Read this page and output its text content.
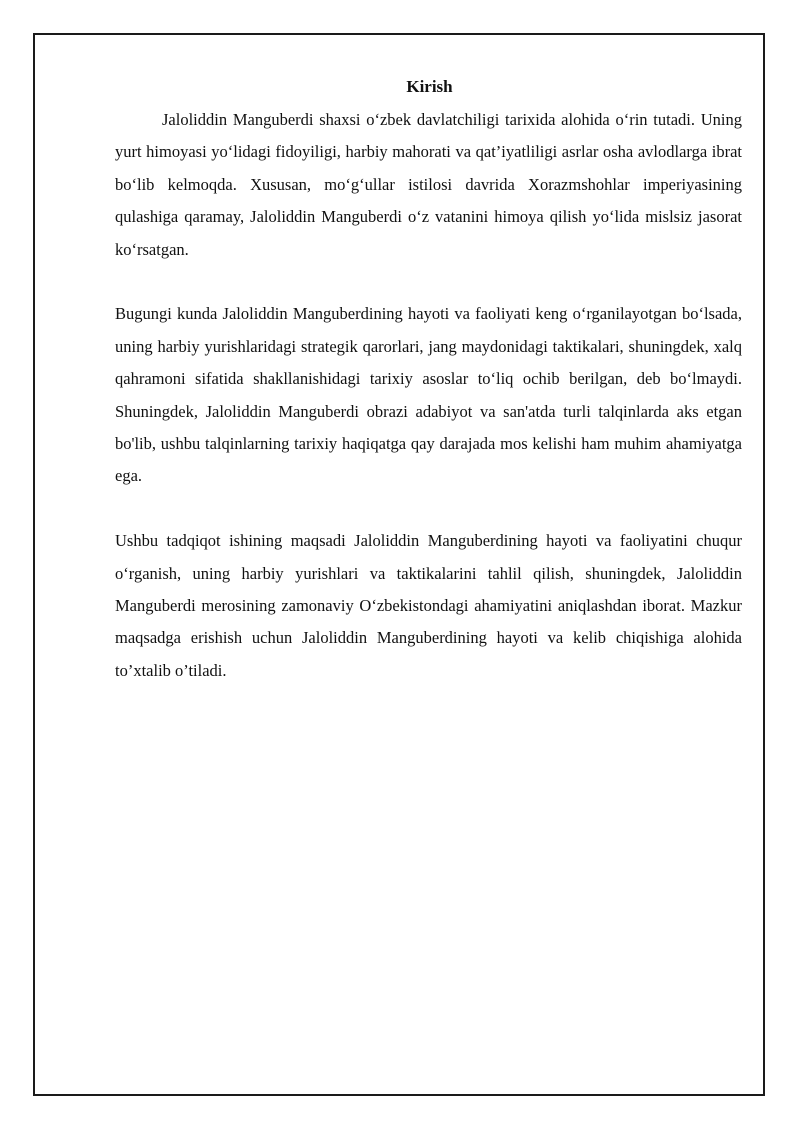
Kirish

Jaloliddin Manguberdi shaxsi o‘zbek davlatchiligi tarixida alohida o‘rin tutadi. Uning yurt himoyasi yo‘lidagi fidoyiligi, harbiy mahorati va qat’iyatliligi asrlar osha avlodlarga ibrat bo‘lib kelmoqda. Xususan, mo‘g‘ullar istilosi davrida Xorazmshohlar imperiyasining qulashiga qaramay, Jaloliddin Manguberdi o‘z vatanini himoya qilish yo‘lida mislsiz jasorat ko‘rsatgan.

Bugungi kunda Jaloliddin Manguberdining hayoti va faoliyati keng o‘rganilayotgan bo‘lsada, uning harbiy yurishlaridagi strategik qarorlari, jang maydonidagi taktikalari, shuningdek, xalq qahramoni sifatida shakllanishidagi tarixiy asoslar to‘liq ochib berilgan, deb bo‘lmaydi. Shuningdek, Jaloliddin Manguberdi obrazi adabiyot va san'atda turli talqinlarda aks etgan bo'lib, ushbu talqinlarning tarixiy haqiqatga qay darajada mos kelishi ham muhim ahamiyatga ega.

Ushbu tadqiqot ishining maqsadi Jaloliddin Manguberdining hayoti va faoliyatini chuqur o‘rganish, uning harbiy yurishlari va taktikalarini tahlil qilish, shuningdek, Jaloliddin Manguberdi merosining zamonaviy O‘zbekistondagi ahamiyatini aniqlashdan iborat. Mazkur maqsadga erishish uchun Jaloliddin Manguberdining hayoti va kelib chiqishiga alohida to’xtalib o’tiladi.
